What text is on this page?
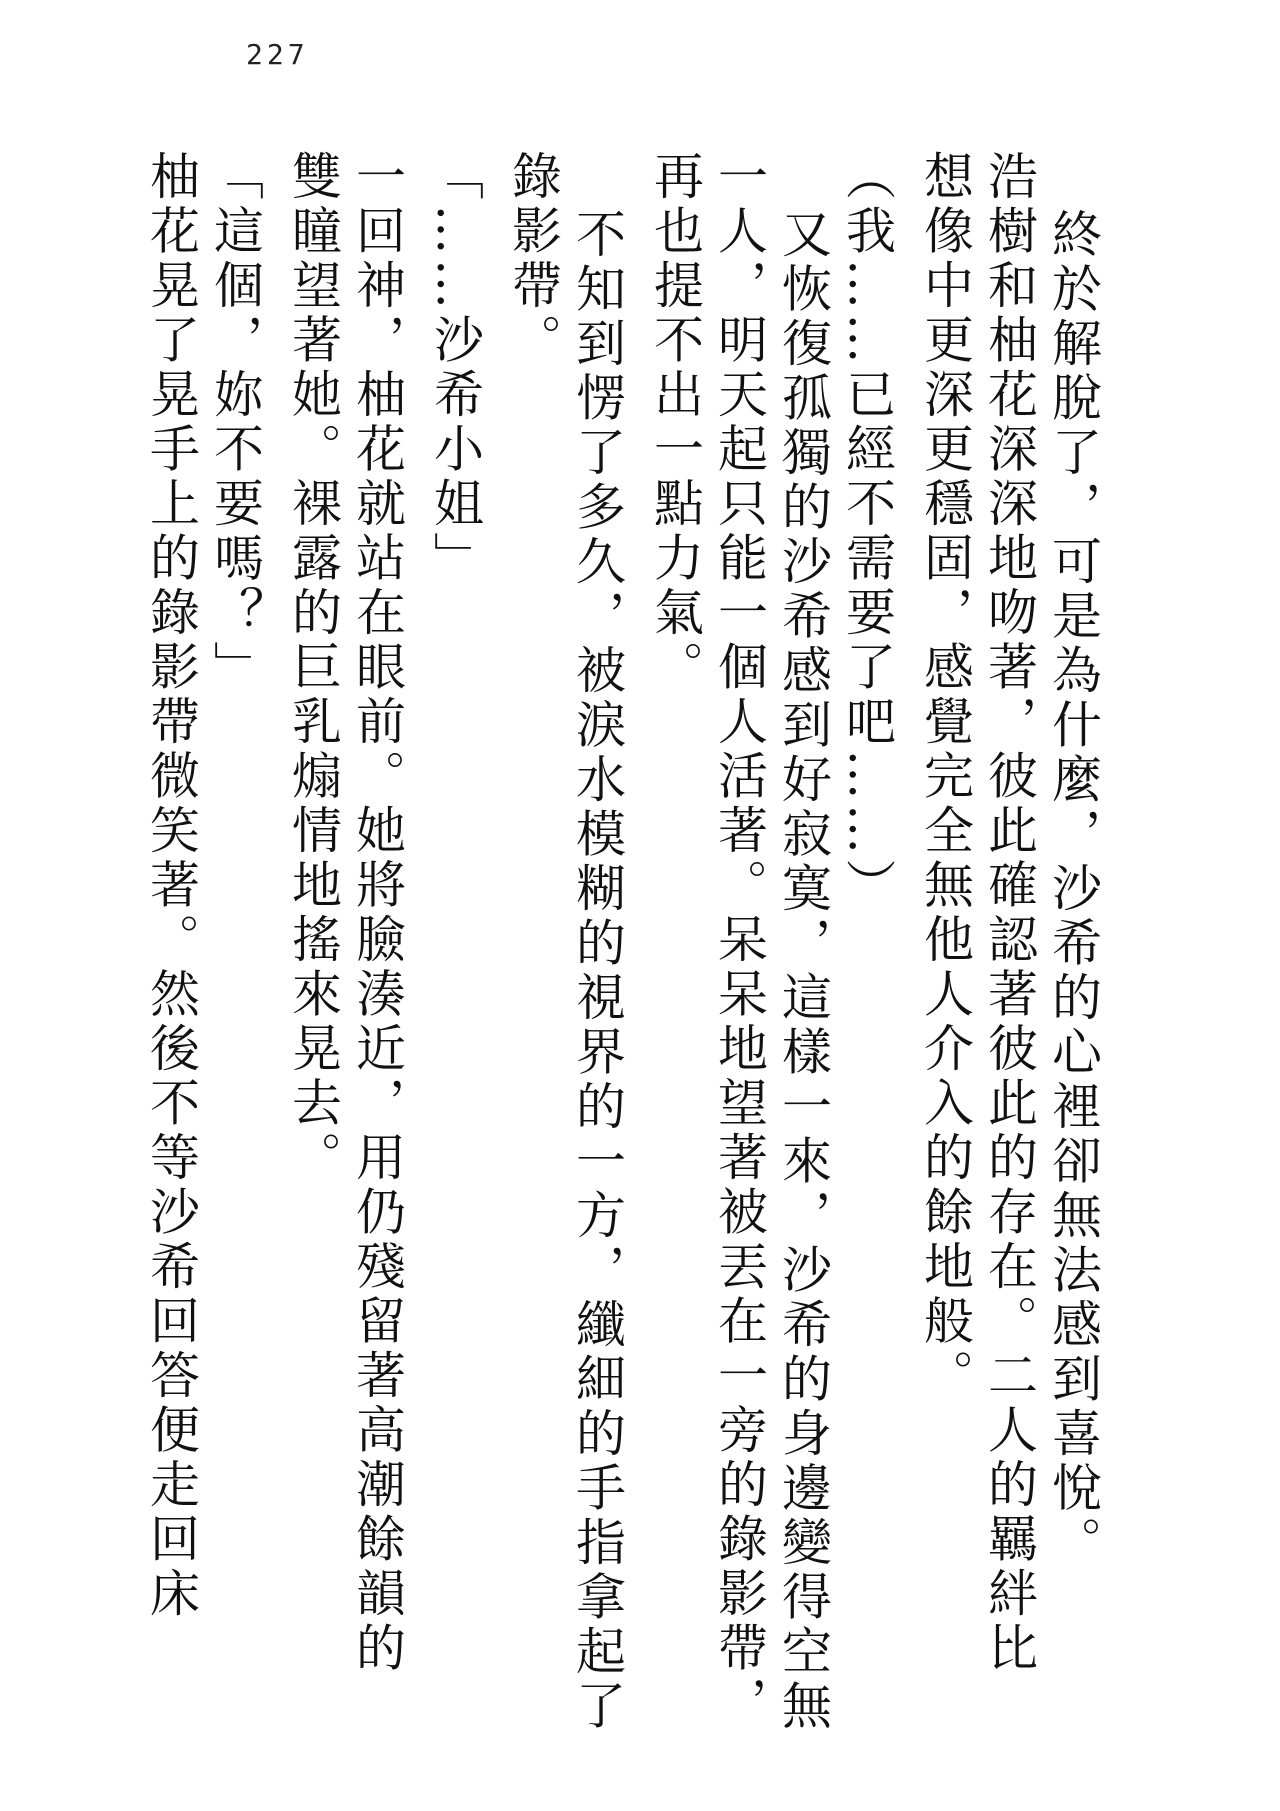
227
終於解脫了，可是為什麼，沙希的心裡卻無法感到喜悅。
浩樹和柚花深深地吻著，彼此確認著彼此的存在。二人的羈絆比
想像中更深更穩固，感覺完全無他人介入的餘地般。
（我……已經不需要了吧……）
又恢復孤獨的沙希感到好寂寞，這樣一來，沙希的身邊變得空無
一人，明天起只能一個人活著。呆呆地望著被丟在一旁的錄影帶，
再也提不出一點力氣。
不知到愣了多久，被淚水模糊的視界的一方，纖細的手指拿起了
錄影帶。
「……沙希小姐」
一回神，柚花就站在眼前。她將臉湊近，用仍殘留著高潮餘韻的
雙瞳望著她。裸露的巨乳煽情地搖來晃去。
「這個，妳不要嗎？」
柚花晃了晃手上的錄影帶微笑著。然後不等沙希回答便走回床
